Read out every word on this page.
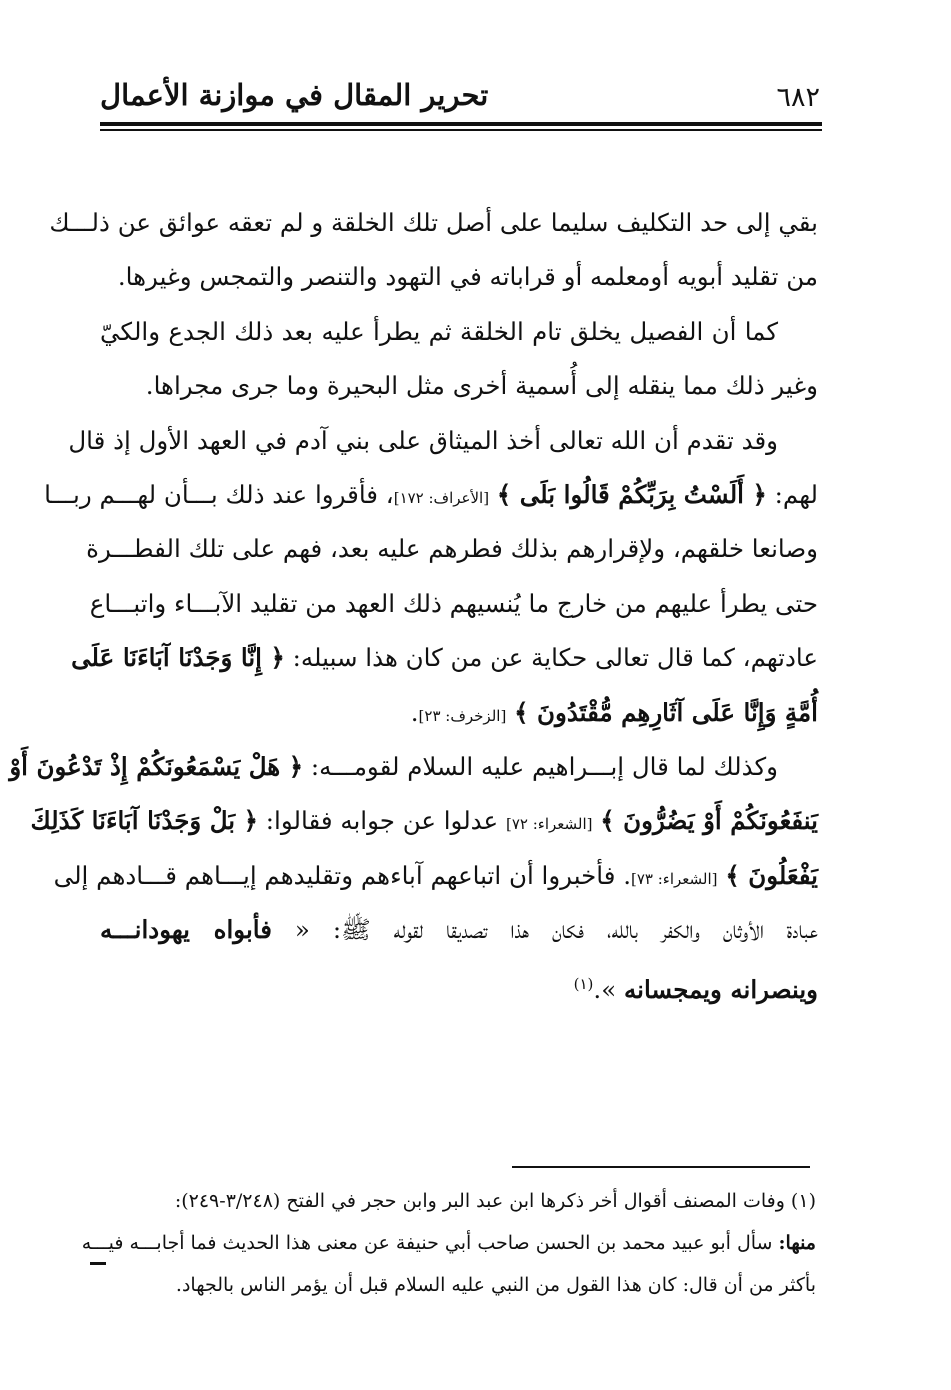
٦٨٢
تحرير المقال في موازنة الأعمال
بقي إلى حد التكليف سليما على أصل تلك الخلقة و لم تعقه عوائق عن ذلـــك
من تقليد أبويه أومعلمه أو قراباته في التهود والتنصر والتمجس وغيرها.
كما أن الفصيل يخلق تام الخلقة ثم يطرأ عليه بعد ذلك الجدع والكيّ
وغير ذلك مما ينقله إلى أُسمية أخرى مثل البحيرة وما جرى مجراها.
وقد تقدم أن الله تعالى أخذ الميثاق على بني آدم في العهد الأول إذ قال
لهم: ﴿ أَلَسْتُ بِرَبِّكُمْ قَالُوا بَلَى ﴾ [الأعراف: ١٧٢]، فأقروا عند ذلك بـــأن لهـــم ربـــا
وصانعا خلقهم، ولإقرارهم بذلك فطرهم عليه بعد، فهم على تلك الفطـــرة
حتى يطرأ عليهم من خارج ما يُنسيهم ذلك العهد من تقليد الآبـــاء واتبـــاع
عادتهم، كما قال تعالى حكاية عن من كان هذا سبيله: ﴿ إِنَّا وَجَدْنَا آبَاءَنَا عَلَى
أُمَّةٍ وَإِنَّا عَلَى آثَارِهِم مُّقْتَدُونَ ﴾ [الزخرف: ٢٣].
وكذلك لما قال إبـــراهيم عليه السلام لقومـــه: ﴿ هَلْ يَسْمَعُونَكُمْ إِذْ تَدْعُونَ أَوْ
يَنفَعُونَكُمْ أَوْ يَضُرُّونَ ﴾ [الشعراء: ٧٢] عدلوا عن جوابه فقالوا: ﴿ بَلْ وَجَدْنَا آبَاءَنَا كَذَلِكَ
يَفْعَلُونَ ﴾ [الشعراء: ٧٣]. فأخبروا أن اتباعهم آباءهم وتقليدهم إيـــاهم قـــادهم إلى
عبادة الأوثان والكفر بالله، فكان هذا تصديقا لقوله ﷺ: « فأبواه يهودانـــه
وينصرانه ويمجسانه ».$^{(١)}$
(١) وفات المصنف أقوال أخر ذكرها ابن عبد البر وابن حجر في الفتح (٣/٢٤٨-٢٤٩):
منها: سأل أبو عبيد محمد بن الحسن صاحب أبي حنيفة عن معنى هذا الحديث فما أجابـــه فيـــه
بأكثر من أن قال: كان هذا القول من النبي عليه السلام قبل أن يؤمر الناس بالجهاد.
